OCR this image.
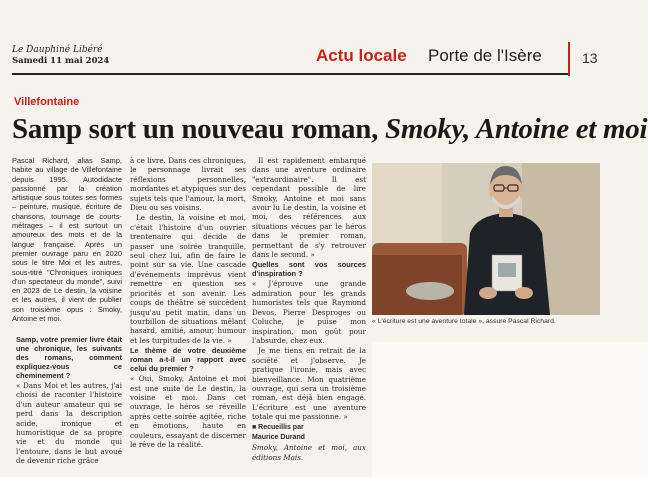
Le Dauphiné Libéré
Samedi 11 mai 2024	Actu locale Porte de l'Isère	13
Villefontaine
Samp sort un nouveau roman, Smoky, Antoine et moi

Pascal Richard, alias Samp, habite au village de Villefontaine depuis 1995. Autodidacte passionné par la création artistique sous toutes ses formes – peinture, musique, écriture de chansons, tournage de courts-métrages – il est surtout un amoureux des mots et de la langue française. Après un premier ouvrage paru en 2020 sous le titre Moi et les autres, sous-titré "Chroniques ironiques d'un spectateur du monde", suivi en 2023 de Le destin, la voisine et les autres, il vient de publier son troisième opus : Smoky, Antoine et moi.

Samp, votre premier livre était une chronique, les suivants des romans, comment expliquez-vous ce cheminement ?

« Dans Moi et les autres, j'ai choisi de raconter l'histoire d'un auteur amateur qui se perd dans la description acide, ironique et humoristique de sa propre vie et du monde qui l'entoure, dans le but avoué de devenir riche grâce

à ce livre. Dans ces chroniques, le personnage livrait ses réflexions personnelles, mordantes et atypiques sur des sujets tels que l'amour, la mort, Dieu ou ses voisins.

Le destin, la voisine et moi, c'était l'histoire d'un ouvrier trentenaire qui décide de passer une soirée tranquille, seul chez lui, afin de faire le point sur sa vie. Une cascade d'événements imprévus vient remettre en question ses priorités et son avenir. Les coups de théâtre se succèdent jusqu'au petit matin, dans un tourbillon de situations mêlant hasard, amitié, amour, humour et les turpitudes de la vie. »

Le thème de votre deuxième roman a-t-il un rapport avec celui du premier ?

« Oui, Smoky, Antoine et moi est une suite de Le destin, la voisine et moi. Dans cet ouvrage, le héros se réveille après cette soirée agitée, riche en émotions, haute en couleurs, essayant de discerner le rêve de la réalité.

Il est rapidement embarqué dans une aventure ordinaire "extraordinaire". Il est cependant possible de lire Smoky, Antoine et moi sans avoir lu Le destin, la voisine et moi, des références aux situations vécues par le héros dans le premier roman, permettant de s'y retrouver dans le second. »

Quelles sont vos sources d'inspiration ?

« J'éprouve une grande admiration pour les grands humoristes tels que Raymond Devos, Pierre Desproges ou Coluche, je puise mon inspiration, mon goût pour l'absurde, chez eux.

Je me tiens en retrait de la société et j'observe. Je pratique l'ironie, mais avec bienveillance. Mon quatrième ouvrage, qui sera un troisième roman, est déjà bien engagé. L'écriture est une aventure totale qui me passionne. »

■ Recueillis par

Maurice Durand

Smoky, Antoine et moi, aux éditions Mais.

« L'écriture est une aventure totale », assure Pascal Richard.
